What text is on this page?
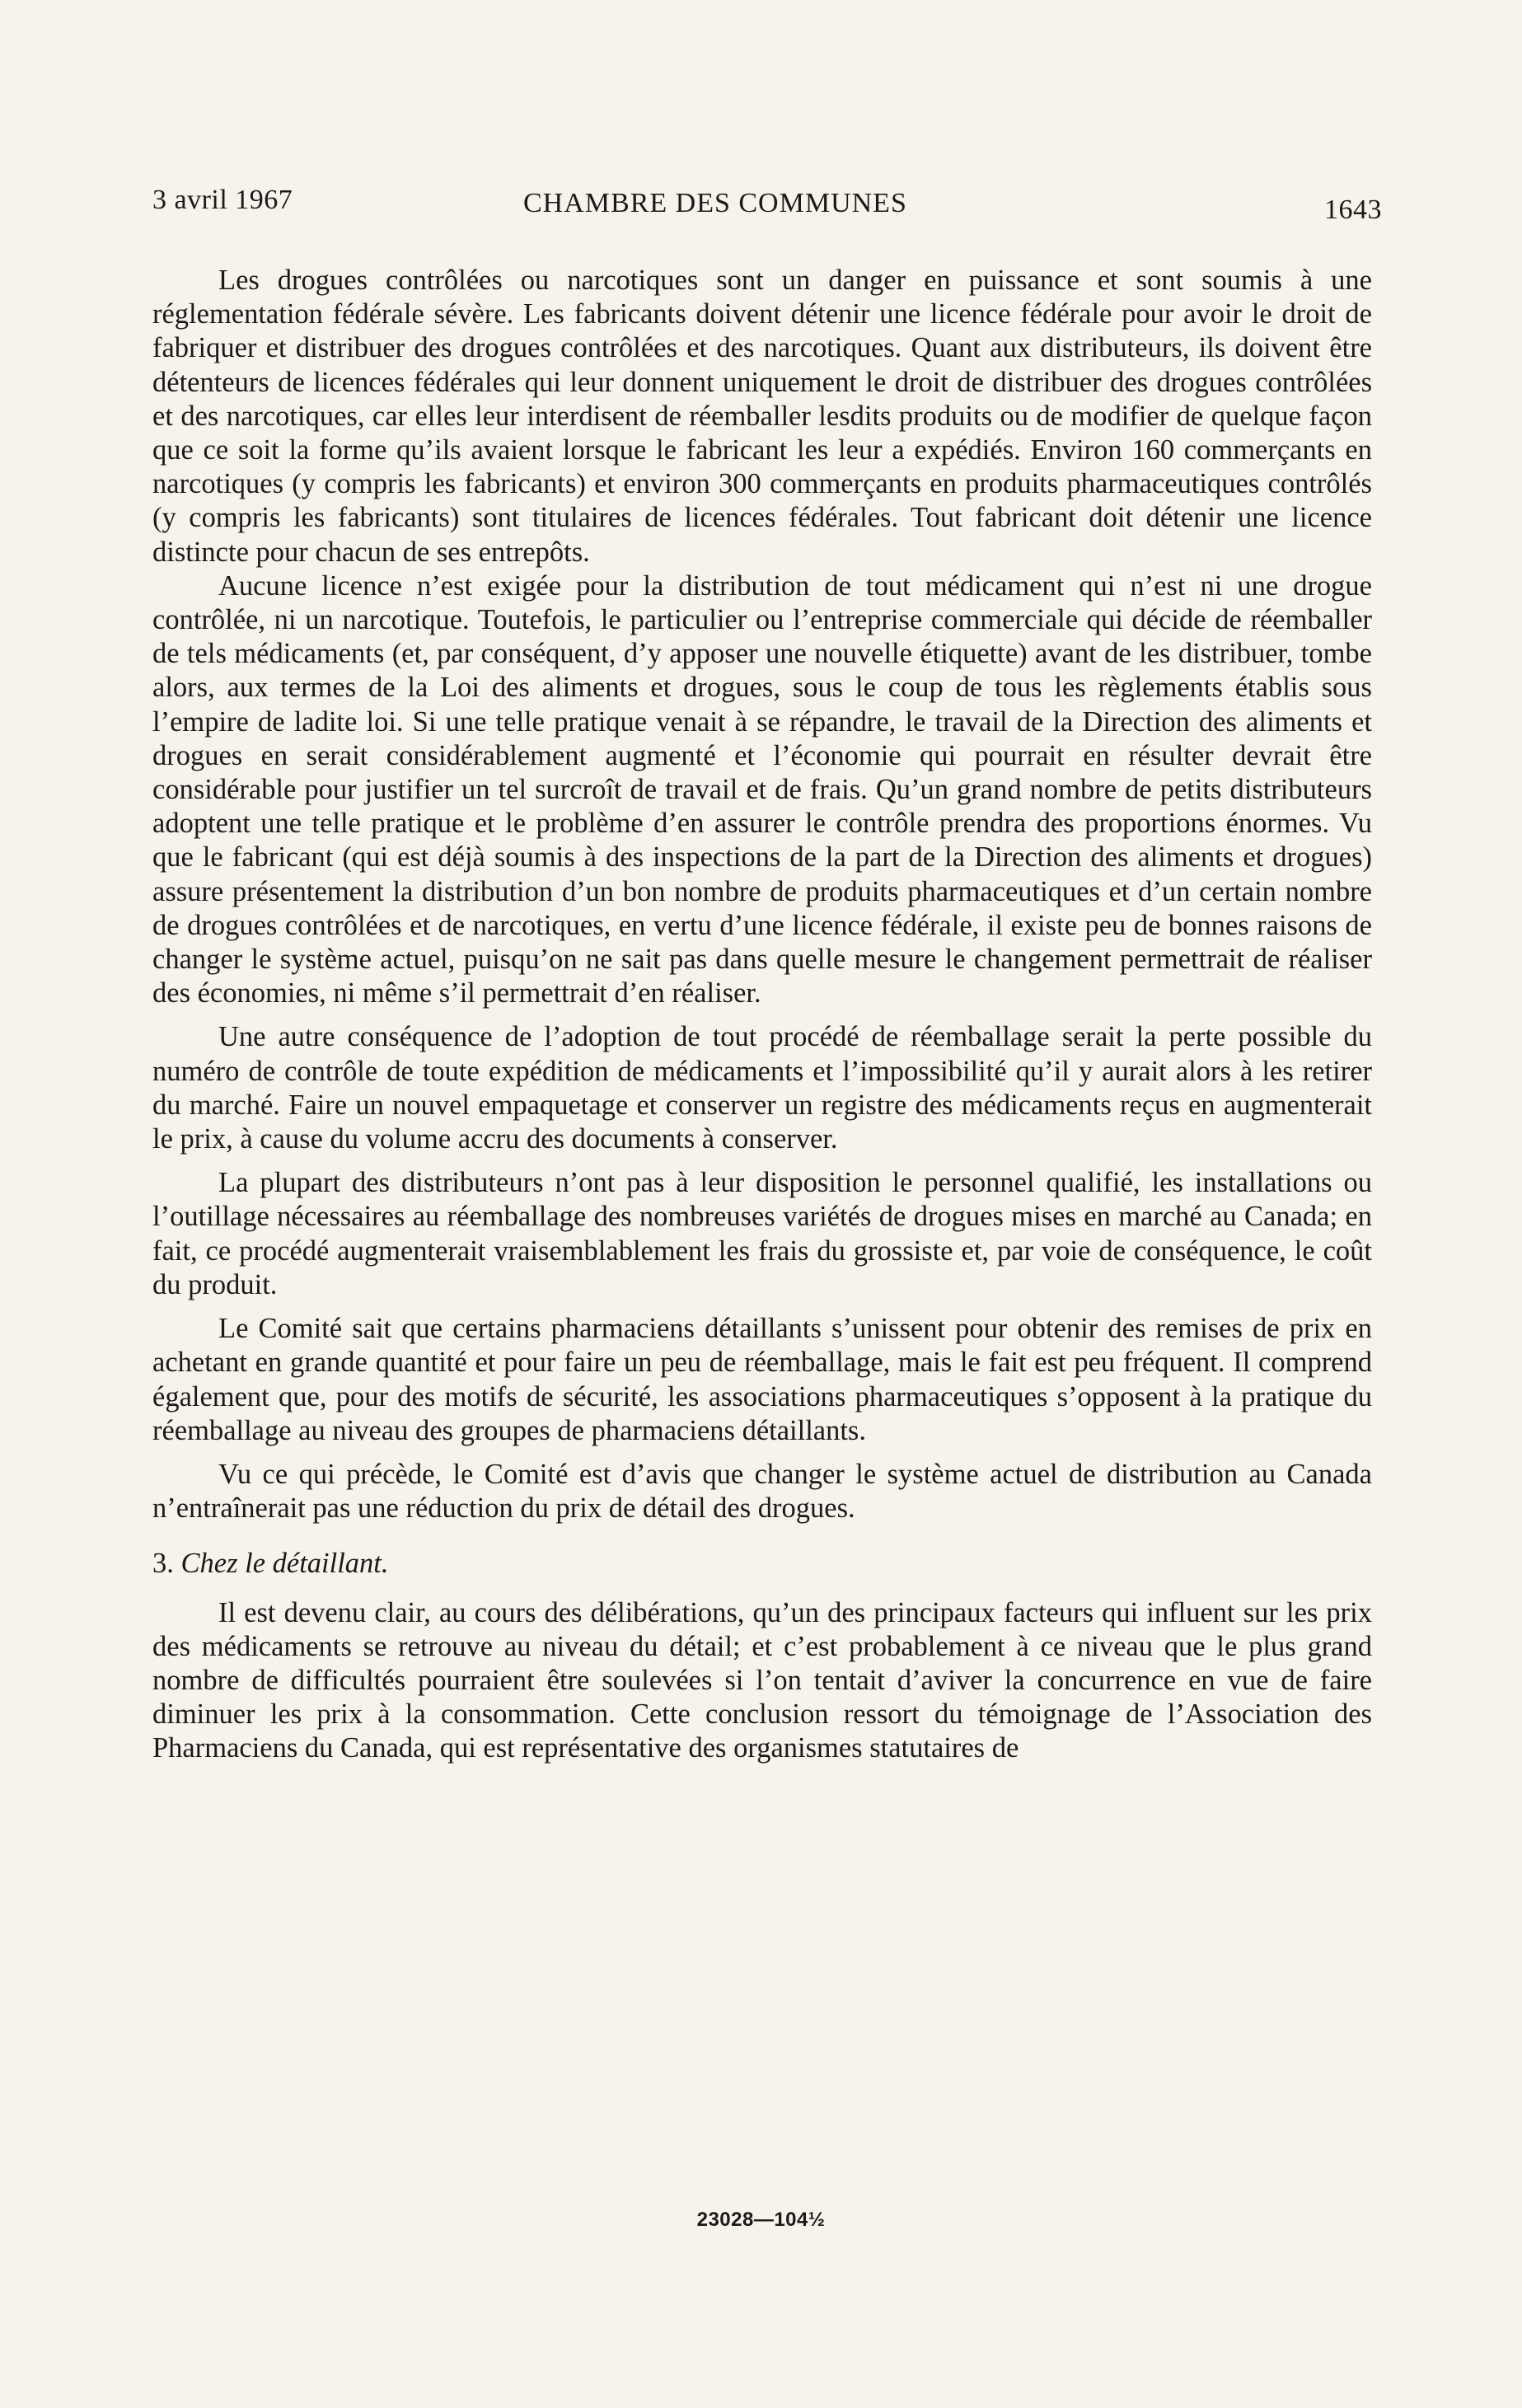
3 avril 1967	CHAMBRE DES COMMUNES	1643

Les drogues contrôlées ou narcotiques sont un danger en puissance et sont soumis à une réglementation fédérale sévère. Les fabricants doivent détenir une licence fédérale pour avoir le droit de fabriquer et distribuer des drogues contrôlées et des narcotiques. Quant aux distributeurs, ils doivent être détenteurs de licences fédérales qui leur donnent uniquement le droit de distribuer des drogues contrôlées et des narcotiques, car elles leur interdisent de réemballer lesdits produits ou de modifier de quelque façon que ce soit la forme qu’ils avaient lorsque le fabricant les leur a expédiés. Environ 160 commerçants en narcotiques (y compris les fabricants) et environ 300 commerçants en produits pharmaceutiques contrôlés (y compris les fabricants) sont titulaires de licences fédérales. Tout fabricant doit détenir une licence distincte pour chacun de ses entrepôts.

Aucune licence n’est exigée pour la distribution de tout médicament qui n’est ni une drogue contrôlée, ni un narcotique. Toutefois, le particulier ou l’entreprise commerciale qui décide de réemballer de tels médicaments (et, par conséquent, d’y apposer une nouvelle étiquette) avant de les distribuer, tombe alors, aux termes de la Loi des aliments et drogues, sous le coup de tous les règlements établis sous l’empire de ladite loi. Si une telle pratique venait à se répandre, le travail de la Direction des aliments et drogues en serait considérablement augmenté et l’économie qui pourrait en résulter devrait être considérable pour justifier un tel surcroît de travail et de frais. Qu’un grand nombre de petits distributeurs adoptent une telle pratique et le problème d’en assurer le contrôle prendra des proportions énormes. Vu que le fabricant (qui est déjà soumis à des inspections de la part de la Direction des aliments et drogues) assure présentement la distribution d’un bon nombre de produits pharmaceutiques et d’un certain nombre de drogues contrôlées et de narcotiques, en vertu d’une licence fédérale, il existe peu de bonnes raisons de changer le système actuel, puisqu’on ne sait pas dans quelle mesure le changement permettrait de réaliser des économies, ni même s’il permettrait d’en réaliser.

Une autre conséquence de l’adoption de tout procédé de réemballage serait la perte possible du numéro de contrôle de toute expédition de médicaments et l’impossibilité qu’il y aurait alors à les retirer du marché. Faire un nouvel empaquetage et conserver un registre des médicaments reçus en augmenterait le prix, à cause du volume accru des documents à conserver.

La plupart des distributeurs n’ont pas à leur disposition le personnel qualifié, les installations ou l’outillage nécessaires au réemballage des nombreuses variétés de drogues mises en marché au Canada; en fait, ce procédé augmenterait vraisemblablement les frais du grossiste et, par voie de conséquence, le coût du produit.

Le Comité sait que certains pharmaciens détaillants s’unissent pour obtenir des remises de prix en achetant en grande quantité et pour faire un peu de réemballage, mais le fait est peu fréquent. Il comprend également que, pour des motifs de sécurité, les associations pharmaceutiques s’opposent à la pratique du réemballage au niveau des groupes de pharmaciens détaillants.

Vu ce qui précède, le Comité est d’avis que changer le système actuel de distribution au Canada n’entraînerait pas une réduction du prix de détail des drogues.

3. Chez le détaillant.

Il est devenu clair, au cours des délibérations, qu’un des principaux facteurs qui influent sur les prix des médicaments se retrouve au niveau du détail; et c’est probablement à ce niveau que le plus grand nombre de difficultés pourraient être soulevées si l’on tentait d’aviver la concurrence en vue de faire diminuer les prix à la consommation. Cette conclusion ressort du témoignage de l’Association des Pharmaciens du Canada, qui est représentative des organismes statutaires de

23028—104½
